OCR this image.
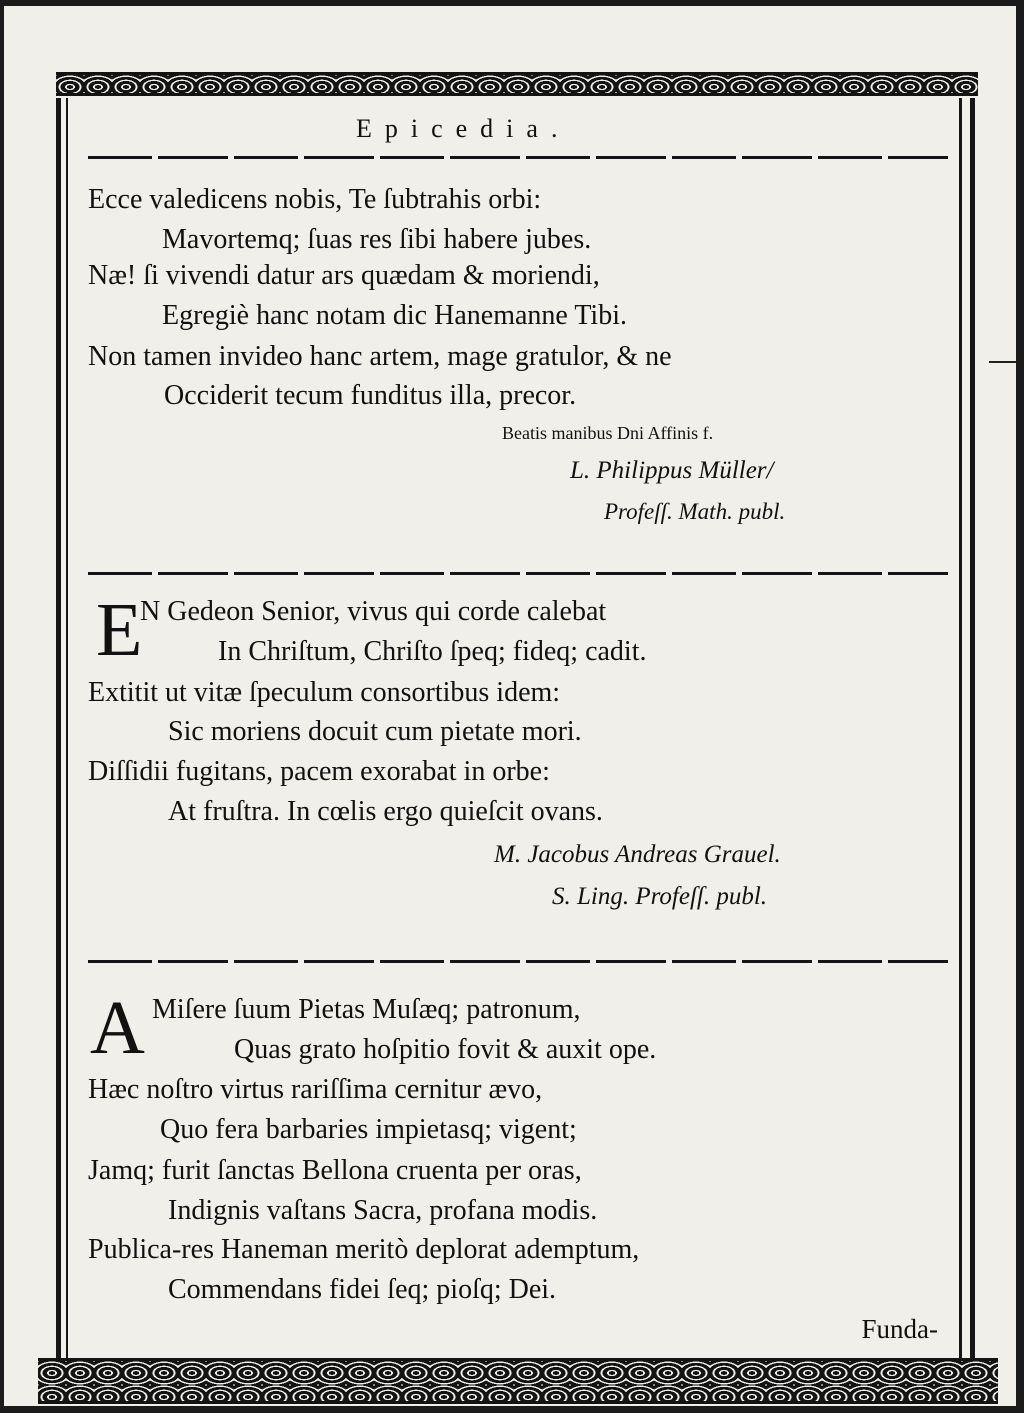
Epicedia.
Ecce valedicens nobis, Te ſubtrahis orbi:
Mavortemq; ſuas res ſibi habere jubes.
Næ! ſi vivendi datur ars quædam & moriendi,
Egregiè hanc notam dic Hanemanne Tibi.
Non tamen invideo hanc artem, mage gratulor, & ne
Occiderit tecum funditus illa, precor.
Beatis manibus Dni Affinis f.
L. Philippus Müller/
Profeſſ. Math. publ.
E
N Gedeon Senior, vivus qui corde calebat
In Chriſtum, Chriſto ſpeq; fideq; cadit.
Extitit ut vitæ ſpeculum consortibus idem:
Sic moriens docuit cum pietate mori.
Diſſidii fugitans, pacem exorabat in orbe:
At fruſtra. In cœlis ergo quieſcit ovans.
M. Jacobus Andreas Grauel.
S. Ling. Profeſſ. publ.
A Miſere ſuum Pietas Muſæq; patronum,
Quas grato hoſpitio fovit & auxit ope.
Hæc noſtro virtus rariſſima cernitur ævo,
Quo fera barbaries impietasq; vigent;
Jamq; furit ſanctas Bellona cruenta per oras,
Indignis vaſtans Sacra, profana modis.
Publica-res Haneman meritò deplorat ademptum,
Commendans fidei ſeq; pioſq; Dei.
Funda-
